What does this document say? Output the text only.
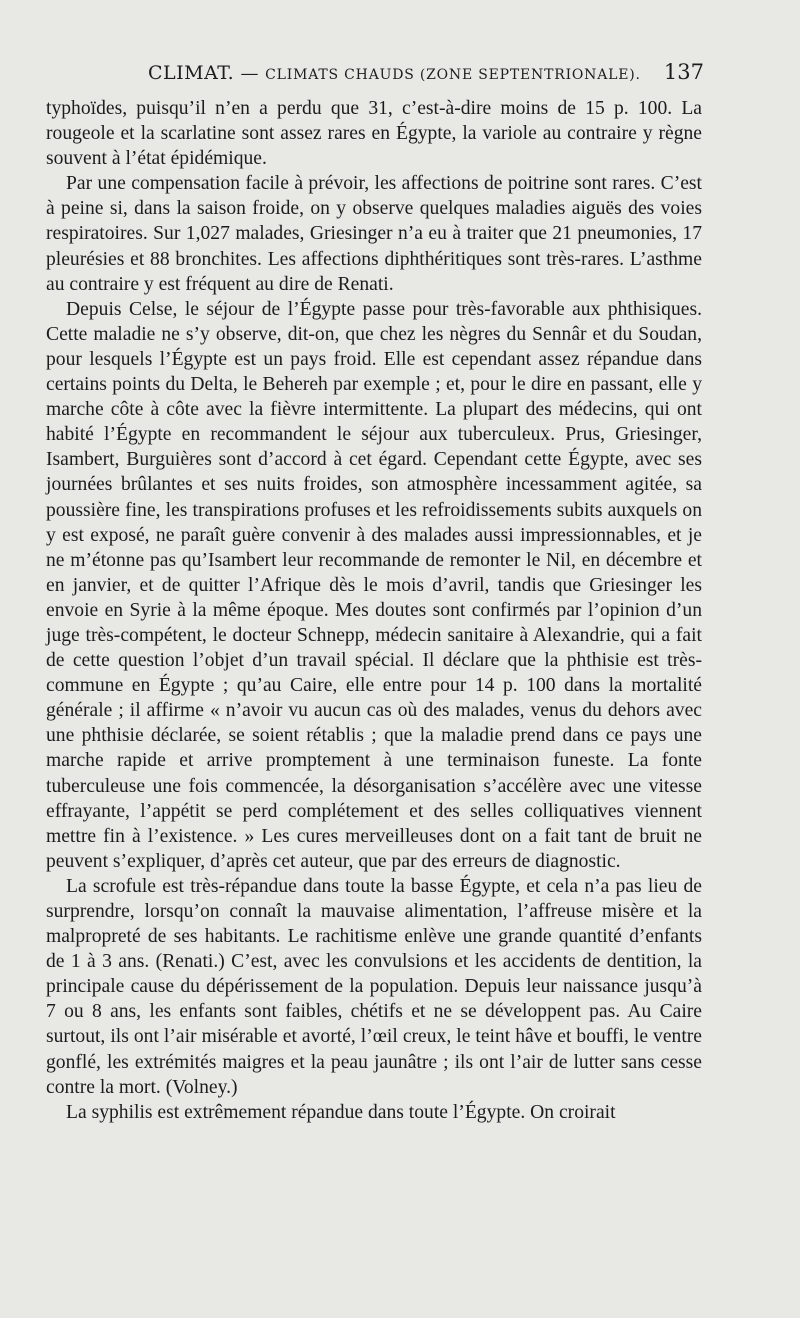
CLIMAT. — CLIMATS CHAUDS (ZONE SEPTENTRIONALE). 137

typhoïdes, puisqu’il n’en a perdu que 31, c’est-à-dire moins de 15 p. 100. La rougeole et la scarlatine sont assez rares en Égypte, la variole au contraire y règne souvent à l’état épidémique.

Par une compensation facile à prévoir, les affections de poitrine sont rares. C’est à peine si, dans la saison froide, on y observe quelques maladies aiguës des voies respiratoires. Sur 1,027 malades, Griesinger n’a eu à traiter que 21 pneumonies, 17 pleurésies et 88 bronchites. Les affections diphthéritiques sont très-rares. L’asthme au contraire y est fréquent au dire de Renati.

Depuis Celse, le séjour de l’Égypte passe pour très-favorable aux phthisiques. Cette maladie ne s’y observe, dit-on, que chez les nègres du Sennâr et du Soudan, pour lesquels l’Égypte est un pays froid. Elle est cependant assez répandue dans certains points du Delta, le Behereh par exemple ; et, pour le dire en passant, elle y marche côte à côte avec la fièvre intermittente. La plupart des médecins, qui ont habité l’Égypte en recommandent le séjour aux tuberculeux. Prus, Griesinger, Isambert, Burguières sont d’accord à cet égard. Cependant cette Égypte, avec ses journées brûlantes et ses nuits froides, son atmosphère incessamment agitée, sa poussière fine, les transpirations profuses et les refroidissements subits auxquels on y est exposé, ne paraît guère convenir à des malades aussi impressionnables, et je ne m’étonne pas qu’Isambert leur recommande de remonter le Nil, en décembre et en janvier, et de quitter l’Afrique dès le mois d’avril, tandis que Griesinger les envoie en Syrie à la même époque. Mes doutes sont confirmés par l’opinion d’un juge très-compétent, le docteur Schnepp, médecin sanitaire à Alexandrie, qui a fait de cette question l’objet d’un travail spécial. Il déclare que la phthisie est très-commune en Égypte ; qu’au Caire, elle entre pour 14 p. 100 dans la mortalité générale ; il affirme « n’avoir vu aucun cas où des malades, venus du dehors avec une phthisie déclarée, se soient rétablis ; que la maladie prend dans ce pays une marche rapide et arrive promptement à une terminaison funeste. La fonte tuberculeuse une fois commencée, la désorganisation s’accélère avec une vitesse effrayante, l’appétit se perd complétement et des selles colliquatives viennent mettre fin à l’existence. » Les cures merveilleuses dont on a fait tant de bruit ne peuvent s’expliquer, d’après cet auteur, que par des erreurs de diagnostic.

La scrofule est très-répandue dans toute la basse Égypte, et cela n’a pas lieu de surprendre, lorsqu’on connaît la mauvaise alimentation, l’affreuse misère et la malpropreté de ses habitants. Le rachitisme enlève une grande quantité d’enfants de 1 à 3 ans. (Renati.) C’est, avec les convulsions et les accidents de dentition, la principale cause du dépérissement de la population. Depuis leur naissance jusqu’à 7 ou 8 ans, les enfants sont faibles, chétifs et ne se développent pas. Au Caire surtout, ils ont l’air misérable et avorté, l’œil creux, le teint hâve et bouffi, le ventre gonflé, les extrémités maigres et la peau jaunâtre ; ils ont l’air de lutter sans cesse contre la mort. (Volney.)

La syphilis est extrêmement répandue dans toute l’Égypte. On croirait
